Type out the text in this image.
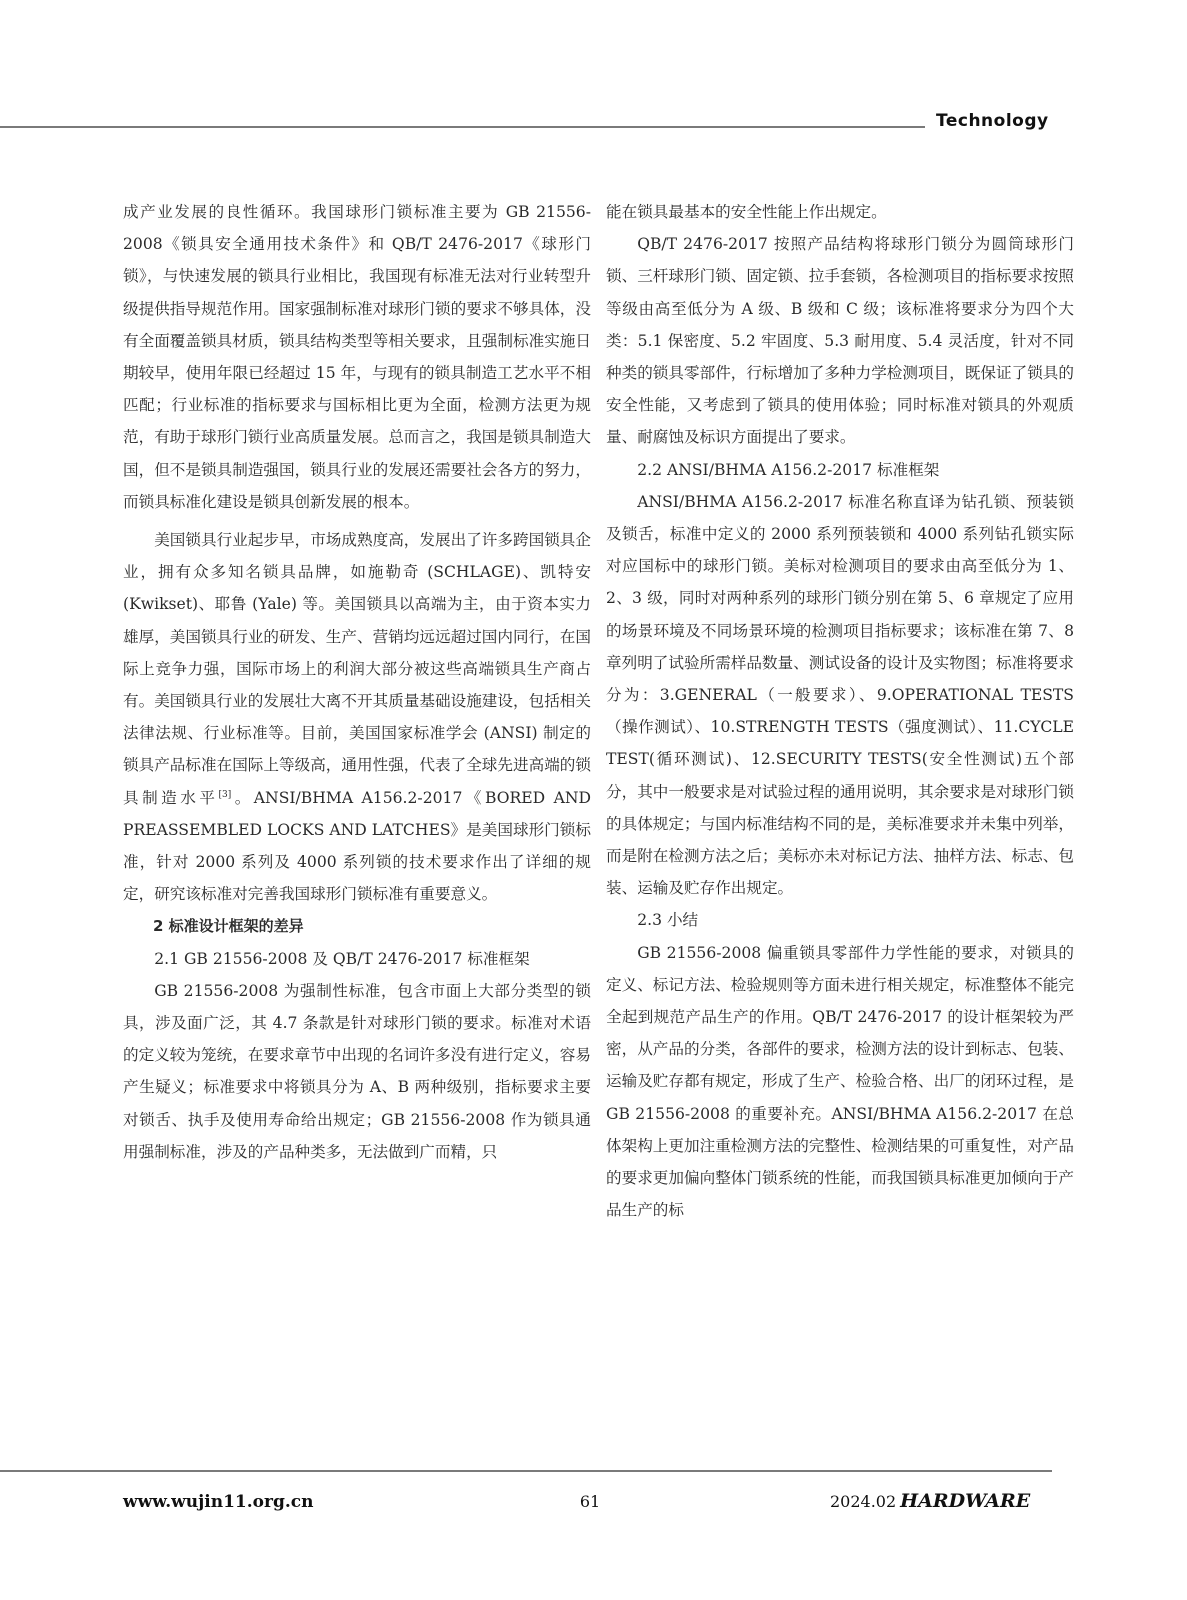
Technology

成产业发展的良性循环。我国球形门锁标准主要为 GB 21556-2008《锁具安全通用技术条件》和 QB/T 2476-2017《球形门锁》，与快速发展的锁具行业相比，我国现有标准无法对行业转型升级提供指导规范作用。国家强制标准对球形门锁的要求不够具体，没有全面覆盖锁具材质，锁具结构类型等相关要求，且强制标准实施日期较早，使用年限已经超过 15 年，与现有的锁具制造工艺水平不相匹配；行业标准的指标要求与国标相比更为全面，检测方法更为规范，有助于球形门锁行业高质量发展。总而言之，我国是锁具制造大国，但不是锁具制造强国，锁具行业的发展还需要社会各方的努力，而锁具标准化建设是锁具创新发展的根本。

美国锁具行业起步早，市场成熟度高，发展出了许多跨国锁具企业，拥有众多知名锁具品牌，如施勒奇 (SCHLAGE)、凯特安 (Kwikset)、耶鲁 (Yale) 等。美国锁具以高端为主，由于资本实力雄厚，美国锁具行业的研发、生产、营销均远远超过国内同行，在国际上竞争力强，国际市场上的利润大部分被这些高端锁具生产商占有。美国锁具行业的发展壮大离不开其质量基础设施建设，包括相关法律法规、行业标准等。目前，美国国家标准学会 (ANSI) 制定的锁具产品标准在国际上等级高，通用性强，代表了全球先进高端的锁具制造水平[3]。ANSI/BHMA A156.2-2017《BORED AND PREASSEMBLED LOCKS AND LATCHES》是美国球形门锁标准，针对 2000 系列及 4000 系列锁的技术要求作出了详细的规定，研究该标准对完善我国球形门锁标准有重要意义。

2 标准设计框架的差异

2.1 GB 21556-2008 及 QB/T 2476-2017 标准框架

GB 21556-2008 为强制性标准，包含市面上大部分类型的锁具，涉及面广泛，其 4.7 条款是针对球形门锁的要求。标准对术语的定义较为笼统，在要求章节中出现的名词许多没有进行定义，容易产生疑义；标准要求中将锁具分为 A、B 两种级别，指标要求主要对锁舌、执手及使用寿命给出规定；GB 21556-2008 作为锁具通用强制标准，涉及的产品种类多，无法做到广而精，只

能在锁具最基本的安全性能上作出规定。

QB/T 2476-2017 按照产品结构将球形门锁分为圆筒球形门锁、三杆球形门锁、固定锁、拉手套锁，各检测项目的指标要求按照等级由高至低分为 A 级、B 级和 C 级；该标准将要求分为四个大类：5.1 保密度、5.2 牢固度、5.3 耐用度、5.4 灵活度，针对不同种类的锁具零部件，行标增加了多种力学检测项目，既保证了锁具的安全性能，又考虑到了锁具的使用体验；同时标准对锁具的外观质量、耐腐蚀及标识方面提出了要求。

2.2 ANSI/BHMA A156.2-2017 标准框架

ANSI/BHMA A156.2-2017 标准名称直译为钻孔锁、预装锁及锁舌，标准中定义的 2000 系列预装锁和 4000 系列钻孔锁实际对应国标中的球形门锁。美标对检测项目的要求由高至低分为 1、2、3 级，同时对两种系列的球形门锁分别在第 5、6 章规定了应用的场景环境及不同场景环境的检测项目指标要求；该标准在第 7、8 章列明了试验所需样品数量、测试设备的设计及实物图；标准将要求分为：3.GENERAL（一般要求）、9.OPERATIONAL TESTS（操作测试）、10.STRENGTH TESTS（强度测试）、11.CYCLE TEST(循环测试)、12.SECURITY TESTS(安全性测试)五个部分，其中一般要求是对试验过程的通用说明，其余要求是对球形门锁的具体规定；与国内标准结构不同的是，美标准要求并未集中列举，而是附在检测方法之后；美标亦未对标记方法、抽样方法、标志、包装、运输及贮存作出规定。

2.3 小结

GB 21556-2008 偏重锁具零部件力学性能的要求，对锁具的定义、标记方法、检验规则等方面未进行相关规定，标准整体不能完全起到规范产品生产的作用。QB/T 2476-2017 的设计框架较为严密，从产品的分类，各部件的要求，检测方法的设计到标志、包装、运输及贮存都有规定，形成了生产、检验合格、出厂的闭环过程，是 GB 21556-2008 的重要补充。ANSI/BHMA A156.2-2017 在总体架构上更加注重检测方法的完整性、检测结果的可重复性，对产品的要求更加偏向整体门锁系统的性能，而我国锁具标准更加倾向于产品生产的标

www.wujin11.org.cn	61	2024.02 HARDWARE
